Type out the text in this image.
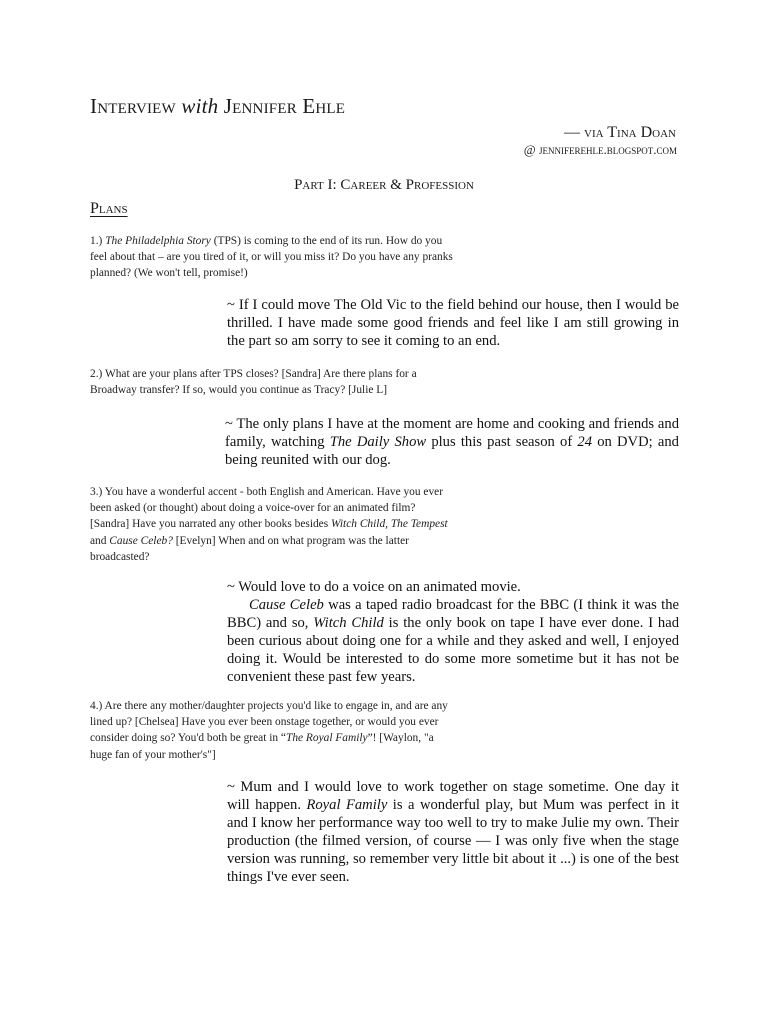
Interview with Jennifer Ehle
— via Tina Doan
@ jenniferehle.blogspot.com
Part I: Career & Profession
Plans
1.) The Philadelphia Story (TPS) is coming to the end of its run. How do you feel about that – are you tired of it, or will you miss it? Do you have any pranks planned? (We won't tell, promise!)

~ If I could move The Old Vic to the field behind our house, then I would be thrilled. I have made some good friends and feel like I am still growing in the part so am sorry to see it coming to an end.

2.) What are your plans after TPS closes? [Sandra] Are there plans for a Broadway transfer? If so, would you continue as Tracy? [Julie L]

~ The only plans I have at the moment are home and cooking and friends and family, watching The Daily Show plus this past season of 24 on DVD; and being reunited with our dog.

3.) You have a wonderful accent - both English and American. Have you ever been asked (or thought) about doing a voice-over for an animated film? [Sandra] Have you narrated any other books besides Witch Child, The Tempest and Cause Celeb? [Evelyn] When and on what program was the latter broadcasted?

~ Would love to do a voice on an animated movie.

Cause Celeb was a taped radio broadcast for the BBC (I think it was the BBC) and so, Witch Child is the only book on tape I have ever done. I had been curious about doing one for a while and they asked and well, I enjoyed doing it. Would be interested to do some more sometime but it has not be convenient these past few years.

4.) Are there any mother/daughter projects you'd like to engage in, and are any lined up? [Chelsea] Have you ever been onstage together, or would you ever consider doing so? You'd both be great in “The Royal Family”! [Waylon, "a huge fan of your mother's"]

~ Mum and I would love to work together on stage sometime. One day it will happen. Royal Family is a wonderful play, but Mum was perfect in it and I know her performance way too well to try to make Julie my own. Their production (the filmed version, of course — I was only five when the stage version was running, so remember very little bit about it ...) is one of the best things I've ever seen.
